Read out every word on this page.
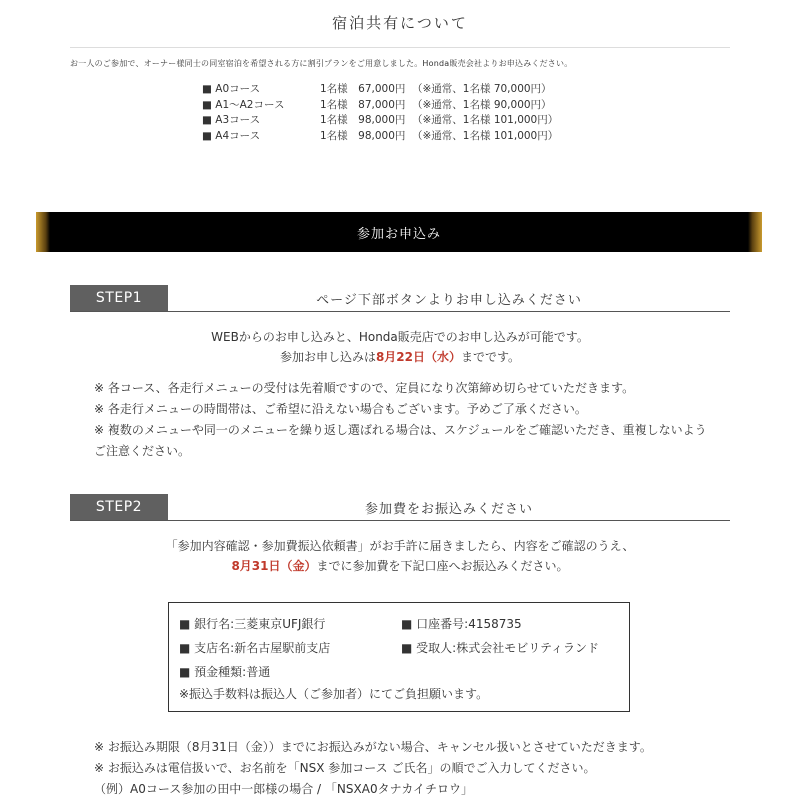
宿泊共有について
お一人のご参加で、オーナー様同士の同室宿泊を希望される方に割引プランをご用意しました。Honda販売会社よりお申込みください。
■ A0コース	1名様　67,000円 （※通常、1名様 70,000円）
■ A1〜A2コース	1名様　87,000円 （※通常、1名様 90,000円）
■ A3コース	1名様　98,000円 （※通常、1名様 101,000円）
■ A4コース	1名様　98,000円 （※通常、1名様 101,000円）
参加お申込み
STEP1	ページ下部ボタンよりお申し込みください
WEBからのお申し込みと、Honda販売店でのお申し込みが可能です。
参加お申し込みは8月22日（水）までです。

※ 各コース、各走行メニューの受付は先着順ですので、定員になり次第締め切らせていただきます。

※ 各走行メニューの時間帯は、ご希望に沿えない場合もございます。予めご了承ください。

※ 複数のメニューや同一のメニューを繰り返し選ばれる場合は、スケジュールをご確認いただき、重複しないようご注意ください。

STEP2	参加費をお振込みください
「参加内容確認・参加費振込依頼書」がお手許に届きましたら、内容をご確認のうえ、
8月31日（金）までに参加費を下記口座へお振込みください。
■ 銀行名:三菱東京UFJ銀行	■ 口座番号:4158735
■ 支店名:新名古屋駅前支店	■ 受取人:株式会社モビリティランド
■ 預金種類:普通
※振込手数料は振込人（ご参加者）にてご負担願います。

※ お振込み期限（8月31日（金））までにお振込みがない場合、キャンセル扱いとさせていただきます。

※ お振込みは電信扱いで、お名前を「NSX 参加コース ご氏名」の順でご入力してください。

（例）A0コース参加の田中一郎様の場合 / 「NSXA0タナカイチロウ」
